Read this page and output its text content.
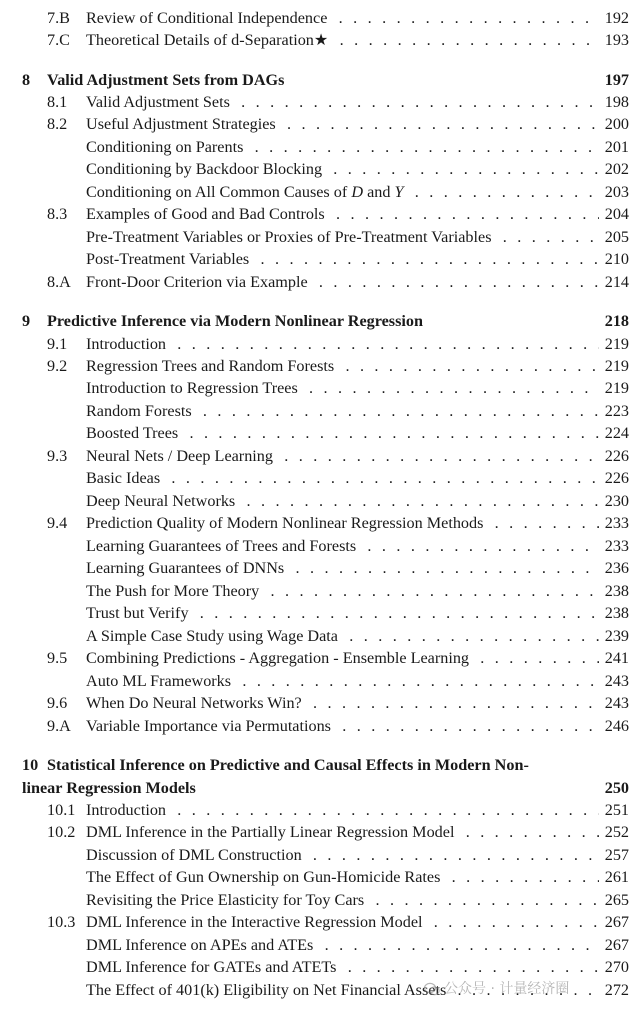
7.B Review of Conditional Independence . . .	192
7.C Theoretical Details of d-Separation★ . . .	193
8 Valid Adjustment Sets from DAGs	197
8.1 Valid Adjustment Sets . . .	198
8.2 Useful Adjustment Strategies . . .	200
Conditioning on Parents . . .	201
Conditioning by Backdoor Blocking . . .	202
Conditioning on All Common Causes of D and Y . . .	203
8.3 Examples of Good and Bad Controls . . .	204
Pre-Treatment Variables or Proxies of Pre-Treatment Variables . . .	205
Post-Treatment Variables . . .	210
8.A Front-Door Criterion via Example . . .	214
9 Predictive Inference via Modern Nonlinear Regression	218
9.1 Introduction . . .	219
9.2 Regression Trees and Random Forests . . .	219
Introduction to Regression Trees . . .	219
Random Forests . . .	223
Boosted Trees . . .	224
9.3 Neural Nets / Deep Learning . . .	226
Basic Ideas . . .	226
Deep Neural Networks . . .	230
9.4 Prediction Quality of Modern Nonlinear Regression Methods . . .	233
Learning Guarantees of Trees and Forests . . .	233
Learning Guarantees of DNNs . . .	236
The Push for More Theory . . .	238
Trust but Verify . . .	238
A Simple Case Study using Wage Data . . .	239
9.5 Combining Predictions - Aggregation - Ensemble Learning . . .	241
Auto ML Frameworks . . .	243
9.6 When Do Neural Networks Win? . . .	243
9.A Variable Importance via Permutations . . .	246
10 Statistical Inference on Predictive and Causal Effects in Modern Non-
linear Regression Models	250
10.1 Introduction . . .	251
10.2 DML Inference in the Partially Linear Regression Model . . .	252
Discussion of DML Construction . . .	257
The Effect of Gun Ownership on Gun-Homicide Rates . . .	261
Revisiting the Price Elasticity for Toy Cars . . .	265
10.3 DML Inference in the Interactive Regression Model . . .	267
DML Inference on APEs and ATEs . . .	267
DML Inference for GATEs and ATETs . . .	270
The Effect of 401(k) Eligibility on Net Financial Assets . . .	272
公众号 · 计量经济圈
